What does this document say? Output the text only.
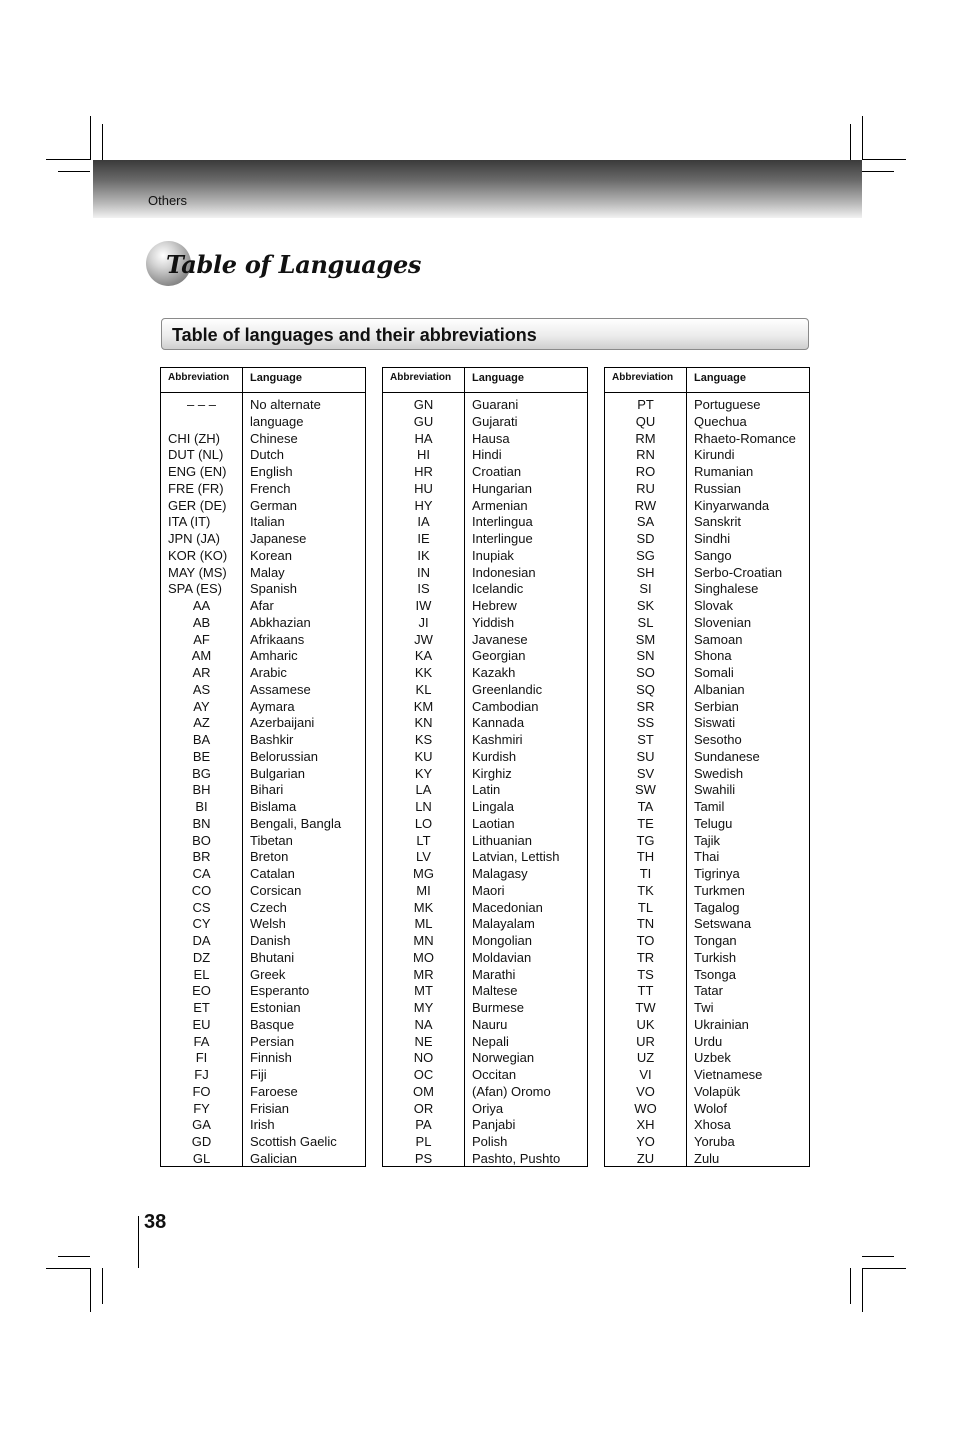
Others
Table of Languages
Table of languages and their abbreviations
Abbreviation Language
– – –	No alternate
language
CHI (ZH)	Chinese
DUT (NL)	Dutch
ENG (EN)	English
FRE (FR)	French
GER (DE)	German
ITA (IT)	Italian
JPN (JA)	Japanese
KOR (KO)	Korean
MAY (MS)	Malay
SPA (ES)	Spanish
AA	Afar
AB	Abkhazian
AF	Afrikaans
AM	Amharic
AR	Arabic
AS	Assamese
AY	Aymara
AZ	Azerbaijani
BA	Bashkir
BE	Belorussian
BG	Bulgarian
BH	Bihari
BI	Bislama
BN	Bengali, Bangla
BO	Tibetan
BR	Breton
CA	Catalan
CO	Corsican
CS	Czech
CY	Welsh
DA	Danish
DZ	Bhutani
EL	Greek
EO	Esperanto
ET	Estonian
EU	Basque
FA	Persian
FI	Finnish
FJ	Fiji
FO	Faroese
FY	Frisian
GA	Irish
GD	Scottish Gaelic
GL	Galician
Abbreviation Language
GN	Guarani
GU	Gujarati
HA	Hausa
HI	Hindi
HR	Croatian
HU	Hungarian
HY	Armenian
IA	Interlingua
IE	Interlingue
IK	Inupiak
IN	Indonesian
IS	Icelandic
IW	Hebrew
JI	Yiddish
JW	Javanese
KA	Georgian
KK	Kazakh
KL	Greenlandic
KM	Cambodian
KN	Kannada
KS	Kashmiri
KU	Kurdish
KY	Kirghiz
LA	Latin
LN	Lingala
LO	Laotian
LT	Lithuanian
LV	Latvian, Lettish
MG	Malagasy
MI	Maori
MK	Macedonian
ML	Malayalam
MN	Mongolian
MO	Moldavian
MR	Marathi
MT	Maltese
MY	Burmese
NA	Nauru
NE	Nepali
NO	Norwegian
OC	Occitan
OM	(Afan) Oromo
OR	Oriya
PA	Panjabi
PL	Polish
PS	Pashto, Pushto
Abbreviation Language
PT	Portuguese
QU	Quechua
RM	Rhaeto-Romance
RN	Kirundi
RO	Rumanian
RU	Russian
RW	Kinyarwanda
SA	Sanskrit
SD	Sindhi
SG	Sango
SH	Serbo-Croatian
SI	Singhalese
SK	Slovak
SL	Slovenian
SM	Samoan
SN	Shona
SO	Somali
SQ	Albanian
SR	Serbian
SS	Siswati
ST	Sesotho
SU	Sundanese
SV	Swedish
SW	Swahili
TA	Tamil
TE	Telugu
TG	Tajik
TH	Thai
TI	Tigrinya
TK	Turkmen
TL	Tagalog
TN	Setswana
TO	Tongan
TR	Turkish
TS	Tsonga
TT	Tatar
TW	Twi
UK	Ukrainian
UR	Urdu
UZ	Uzbek
VI	Vietnamese
VO	Volapük
WO	Wolof
XH	Xhosa
YO	Yoruba
ZU	Zulu
38
